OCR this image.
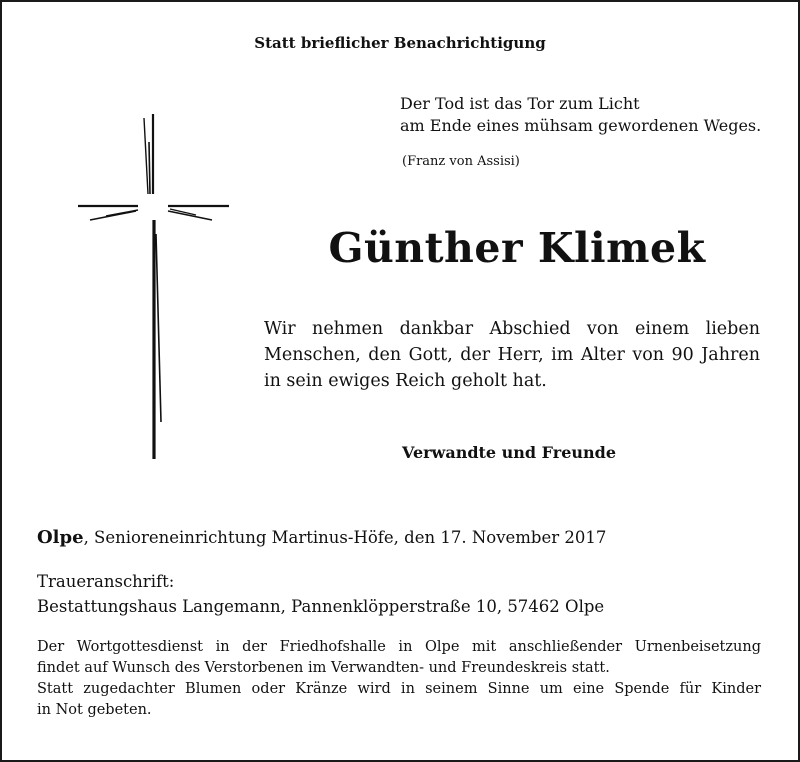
Statt brieflicher Benachrichtigung

Der Tod ist das Tor zum Licht
am Ende eines mühsam gewordenen Weges.

(Franz von Assisi)

Günther Klimek
Wir nehmen dankbar Abschied von einem lieben
Menschen, den Gott, der Herr, im Alter von 90 Jahren
in sein ewiges Reich geholt hat.

Verwandte und Freunde

Olpe, Senioreneinrichtung Martinus-Höfe, den 17. November 2017

Traueranschrift:
Bestattungshaus Langemann, Pannenklöpperstraße 10, 57462 Olpe
Der Wortgottesdienst in der Friedhofshalle in Olpe mit anschließender Urnenbeisetzung
findet auf Wunsch des Verstorbenen im Verwandten- und Freundeskreis statt.
Statt zugedachter Blumen oder Kränze wird in seinem Sinne um eine Spende für Kinder
in Not gebeten.
